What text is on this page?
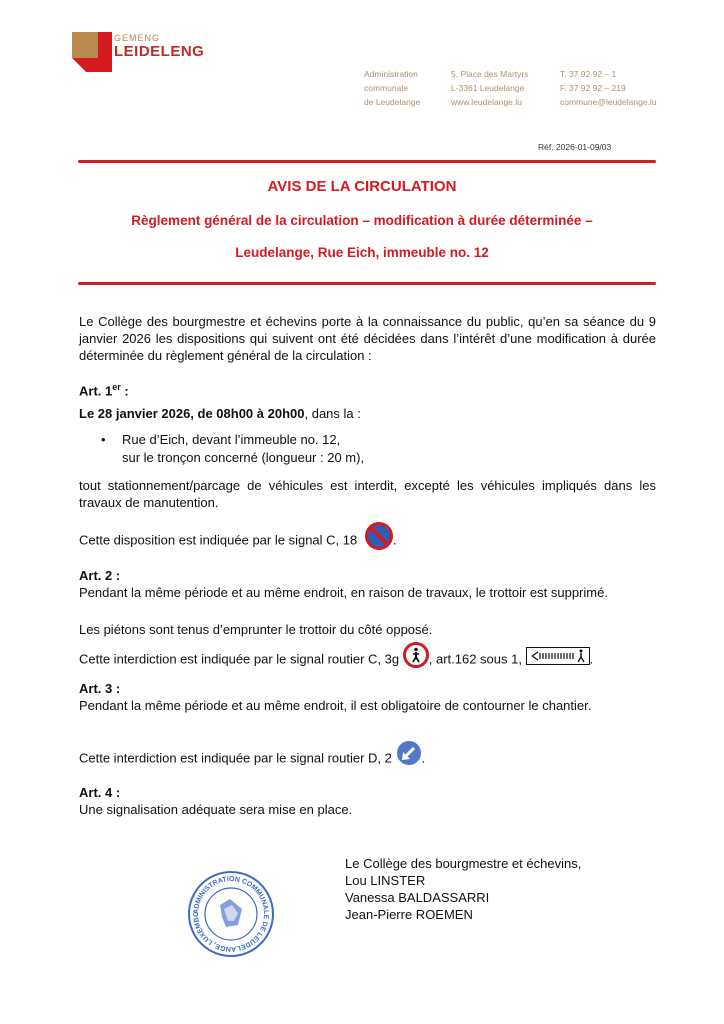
GEMENG
LEIDELENG
Administration
communale
de Leudelange
5, Place des Martyrs
L-3361 Leudelange
www.leudelange.lu
T. 37 92 92 – 1
F. 37 92 92 – 219
commune@leudelange.lu
Réf. 2026-01-09/03
AVIS DE LA CIRCULATION
Règlement général de la circulation – modification à durée déterminée –
Leudelange, Rue Eich, immeuble no. 12
Le Collège des bourgmestre et échevins porte à la connaissance du public, qu’en sa séance du 9 janvier 2026 les dispositions qui suivent ont été décidées dans l’intérêt d’une modification à durée déterminée du règlement général de la circulation :
Art. 1er :
Le 28 janvier 2026, de 08h00 à 20h00, dans la :
•	Rue d’Eich, devant l’immeuble no. 12,
sur le tronçon concerné (longueur : 20 m),
tout stationnement/parcage de véhicules est interdit, excepté les véhicules impliqués dans les travaux de manutention.
Cette disposition est indiquée par le signal C, 18	.
Art. 2 :
Pendant la même période et au même endroit, en raison de travaux, le trottoir est supprimé.
Les piétons sont tenus d’emprunter le trottoir du côté opposé.
Cette interdiction est indiquée par le signal routier C, 3g , art.162 sous 1,	.
Art. 3 :
Pendant la même période et au même endroit, il est obligatoire de contourner le chantier.
Cette interdiction est indiquée par le signal routier D, 2 .
Art. 4 :
Une signalisation adéquate sera mise en place.
ADMINISTRATION COMMUNALE DE LEUDELANGE, LUXEMBO
Le Collège des bourgmestre et échevins,
Lou LINSTER
Vanessa BALDASSARRI
Jean-Pierre ROEMEN
